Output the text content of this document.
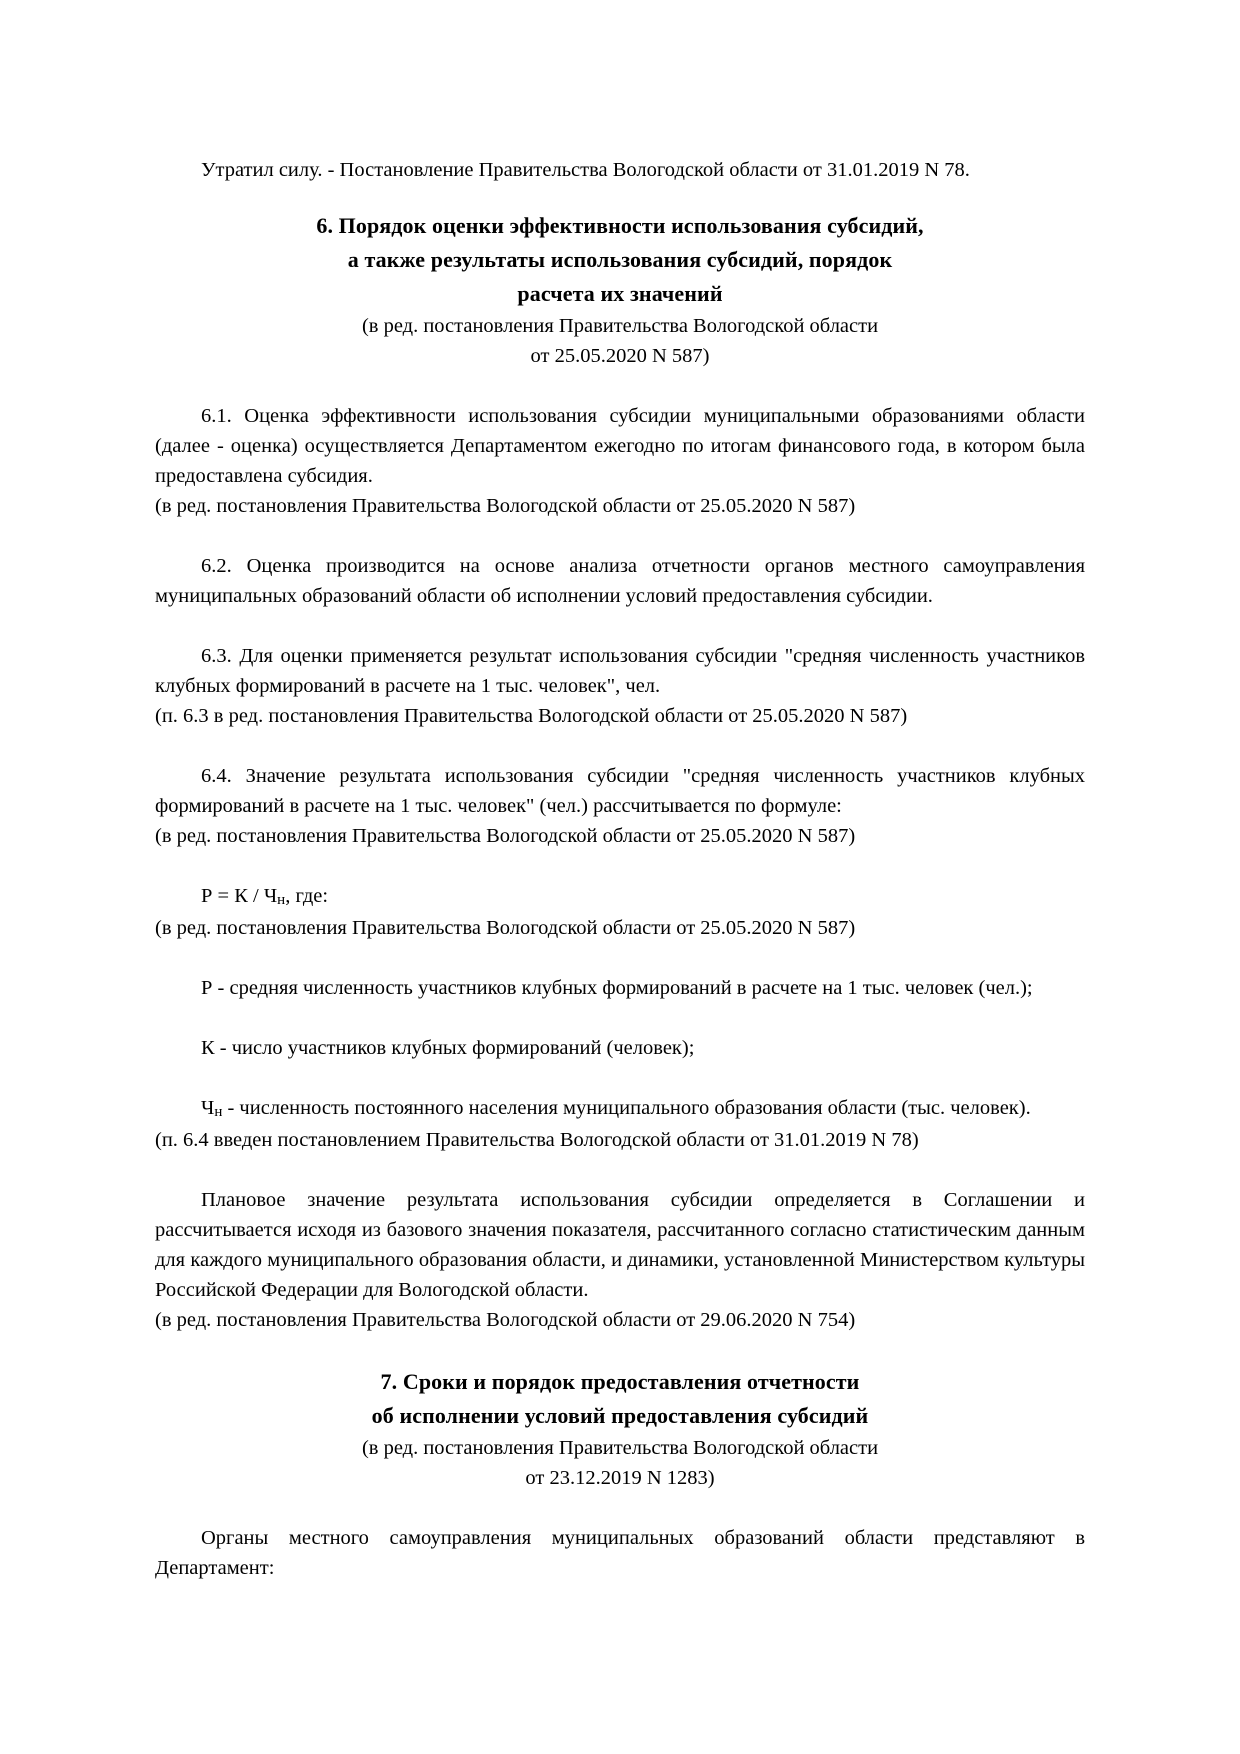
Утратил силу. - Постановление Правительства Вологодской области от 31.01.2019 N 78.

6. Порядок оценки эффективности использования субсидий,

а также результаты использования субсидий, порядок

расчета их значений

(в ред. постановления Правительства Вологодской области

от 25.05.2020 N 587)

6.1. Оценка эффективности использования субсидии муниципальными образованиями области (далее - оценка) осуществляется Департаментом ежегодно по итогам финансового года, в котором была предоставлена субсидия.

(в ред. постановления Правительства Вологодской области от 25.05.2020 N 587)

6.2. Оценка производится на основе анализа отчетности органов местного самоуправления муниципальных образований области об исполнении условий предоставления субсидии.

6.3. Для оценки применяется результат использования субсидии "средняя численность участников клубных формирований в расчете на 1 тыс. человек", чел.

(п. 6.3 в ред. постановления Правительства Вологодской области от 25.05.2020 N 587)

6.4. Значение результата использования субсидии "средняя численность участников клубных формирований в расчете на 1 тыс. человек" (чел.) рассчитывается по формуле:

(в ред. постановления Правительства Вологодской области от 25.05.2020 N 587)

Р = К / Чн, где:

(в ред. постановления Правительства Вологодской области от 25.05.2020 N 587)

Р - средняя численность участников клубных формирований в расчете на 1 тыс. человек (чел.);

К - число участников клубных формирований (человек);

Чн - численность постоянного населения муниципального образования области (тыс. человек).

(п. 6.4 введен постановлением Правительства Вологодской области от 31.01.2019 N 78)

Плановое значение результата использования субсидии определяется в Соглашении и рассчитывается исходя из базового значения показателя, рассчитанного согласно статистическим данным для каждого муниципального образования области, и динамики, установленной Министерством культуры Российской Федерации для Вологодской области.

(в ред. постановления Правительства Вологодской области от 29.06.2020 N 754)

7. Сроки и порядок предоставления отчетности

об исполнении условий предоставления субсидий

(в ред. постановления Правительства Вологодской области

от 23.12.2019 N 1283)

Органы местного самоуправления муниципальных образований области представляют в Департамент:
